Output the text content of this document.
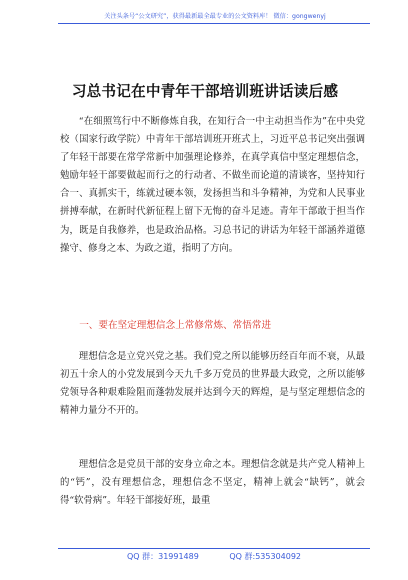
关注头条号“公文研究”，获得最新最全最专业的公文资料库！ 微信：gongwenyj
习总书记在中青年干部培训班讲话读后感

“在细照笃行中不断修炼自我，在知行合一中主动担当作为”在中央党校（国家行政学院）中青年干部培训班开班式上，习近平总书记突出强调了年轻干部要在常学常新中加强理论修养，在真学真信中坚定理想信念，勉励年轻干部要做起而行之的行动者、不做坐而论道的清谈客，坚持知行合一、真抓实干，练就过硬本领，发扬担当和斗争精神，为党和人民事业拼搏奉献，在新时代新征程上留下无悔的奋斗足迹。青年干部敢于担当作为，既是自我修养，也是政治品格。习总书记的讲话为年轻干部涵养道德操守、修身之本、为政之道，指明了方向。

一、要在坚定理想信念上常修常炼、常悟常进

理想信念是立党兴党之基。我们党之所以能够历经百年而不衰，从最初五十余人的小党发展到今天九千多万党员的世界最大政党，之所以能够党领导各种艰难险阻而蓬勃发展并达到今天的辉煌，是与坚定理想信念的精神力量分不开的。

理想信念是党员干部的安身立命之本。理想信念就是共产党人精神上的“钙”，没有理想信念，理想信念不坚定，精神上就会“缺钙”，就会得“软骨病”。年轻干部接好班，最重

QQ 群：31991489	QQ 群:535304092
